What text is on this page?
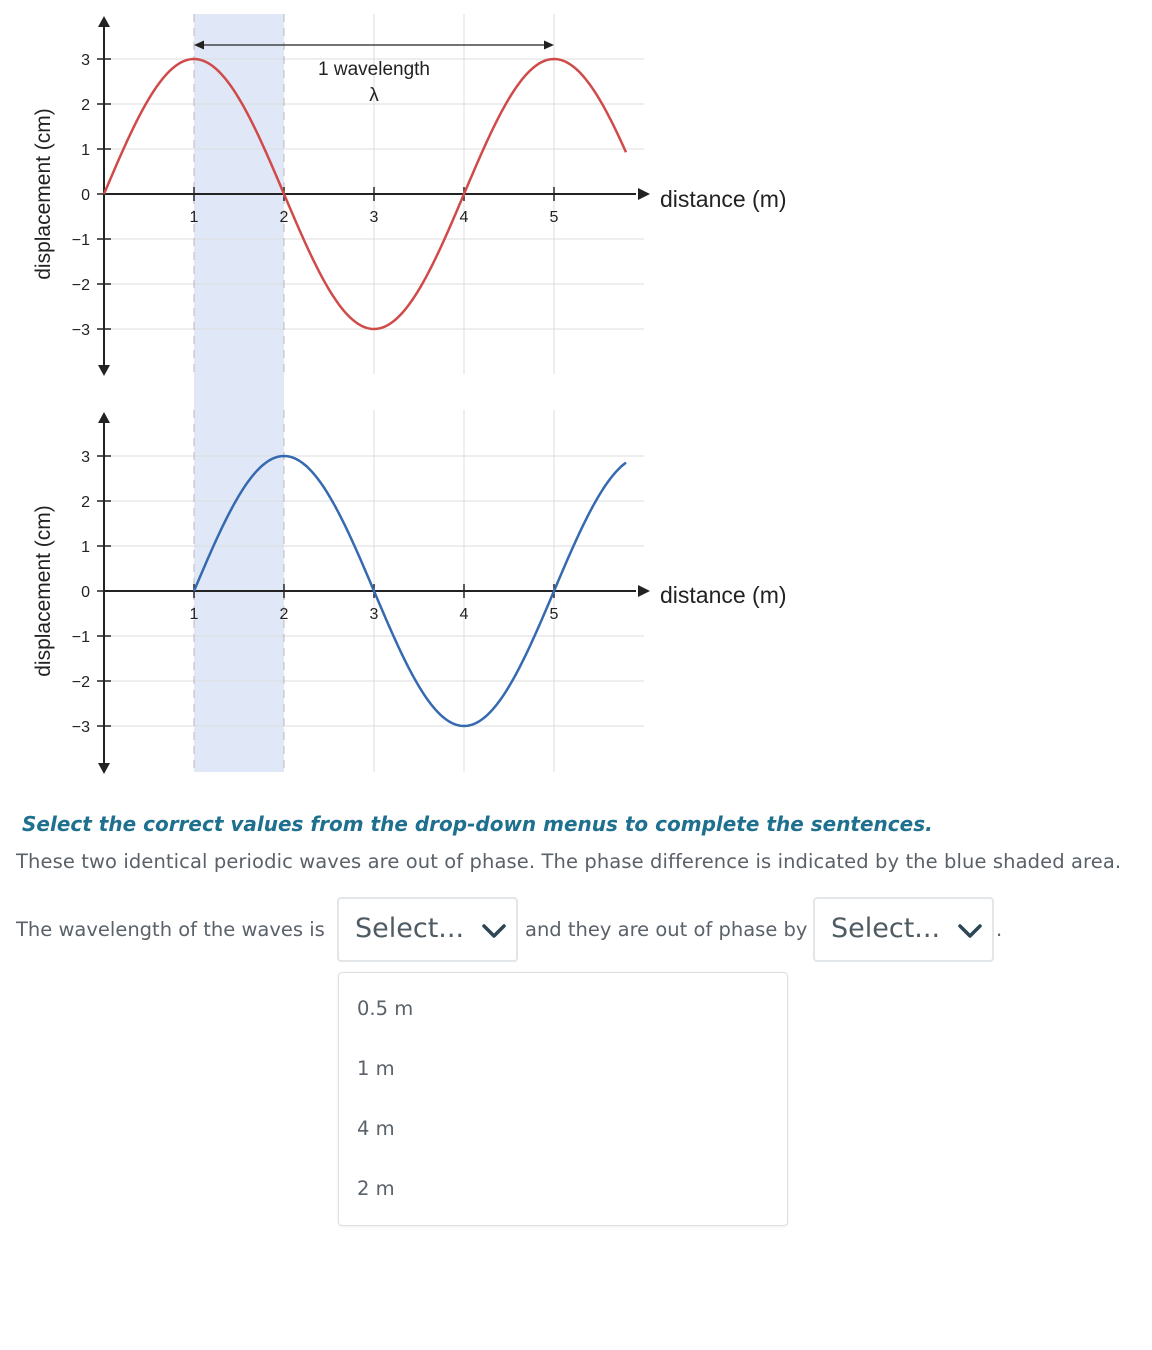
3
2
1
0
−1
−2
−3
1	2	3	4	5
displacement (cm)	distance (m)
1 wavelength
λ
3
2
1
0
−1
−2
−3
1	2	3	4	5
displacement (cm)	distance (m)
Select the correct values from the drop-down menus to complete the sentences.
These two identical periodic waves are out of phase. The phase difference is indicated by the blue shaded area.
The wavelength of the waves is Select...	and they are out of phase by Select...	.
0.5 m
1 m
4 m
2 m
